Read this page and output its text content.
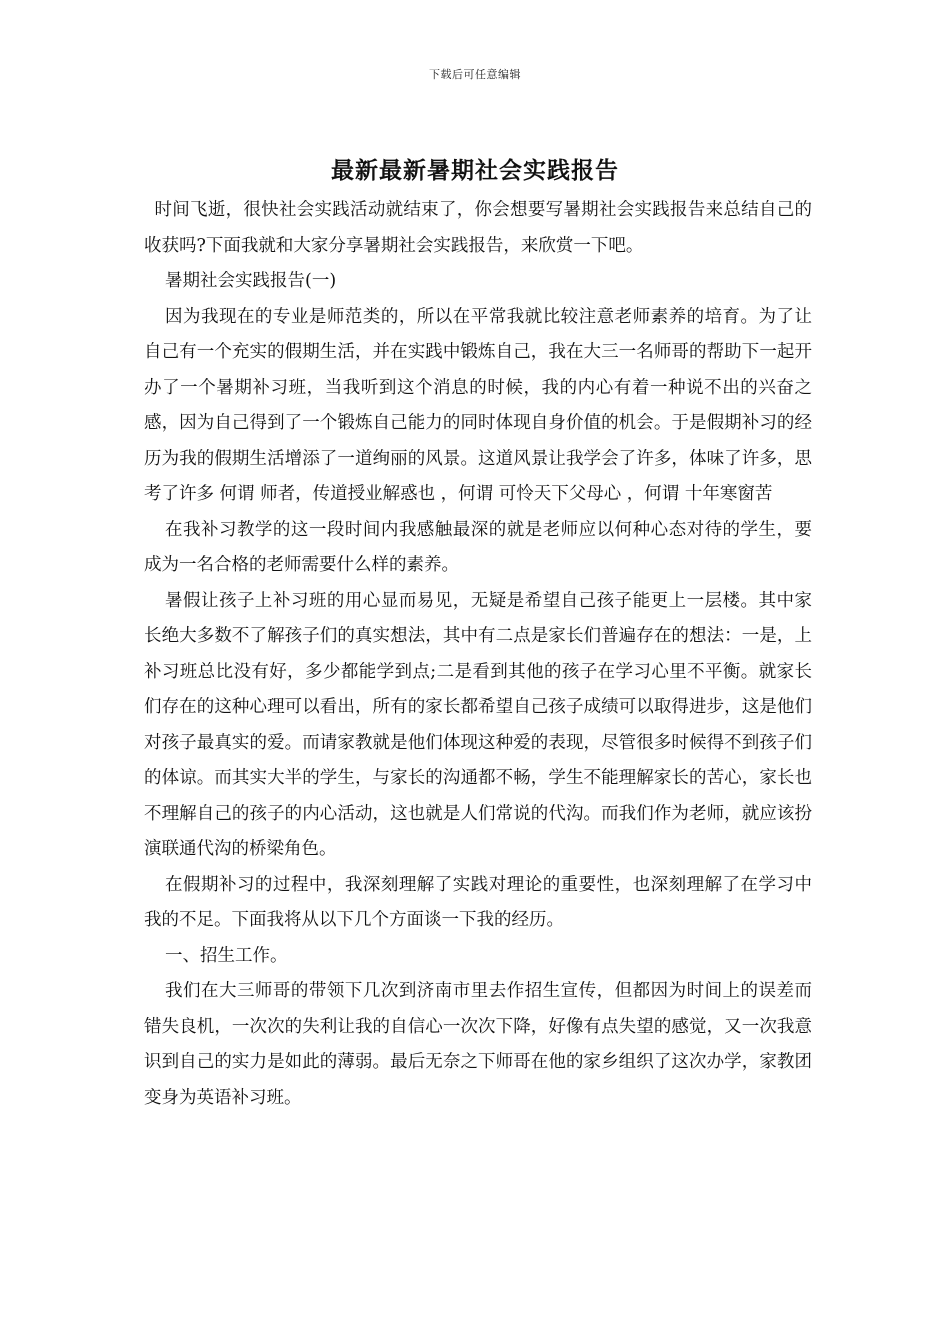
下载后可任意编辑
最新最新暑期社会实践报告

时间飞逝，很快社会实践活动就结束了，你会想要写暑期社会实践报告来总结自己的收获吗?下面我就和大家分享暑期社会实践报告，来欣赏一下吧。

暑期社会实践报告(一)

因为我现在的专业是师范类的，所以在平常我就比较注意老师素养的培育。为了让自己有一个充实的假期生活，并在实践中锻炼自己，我在大三一名师哥的帮助下一起开办了一个暑期补习班，当我听到这个消息的时候，我的内心有着一种说不出的兴奋之感，因为自己得到了一个锻炼自己能力的同时体现自身价值的机会。于是假期补习的经历为我的假期生活增添了一道绚丽的风景。这道风景让我学会了许多，体味了许多，思考了许多 何谓 师者，传道授业解惑也 ，何谓 可怜天下父母心 ，何谓 十年寒窗苦

在我补习教学的这一段时间内我感触最深的就是老师应以何种心态对待的学生，要成为一名合格的老师需要什么样的素养。

暑假让孩子上补习班的用心显而易见，无疑是希望自己孩子能更上一层楼。其中家长绝大多数不了解孩子们的真实想法，其中有二点是家长们普遍存在的想法：一是，上补习班总比没有好，多少都能学到点;二是看到其他的孩子在学习心里不平衡。就家长们存在的这种心理可以看出，所有的家长都希望自己孩子成绩可以取得进步，这是他们对孩子最真实的爱。而请家教就是他们体现这种爱的表现，尽管很多时候得不到孩子们的体谅。而其实大半的学生，与家长的沟通都不畅，学生不能理解家长的苦心，家长也不理解自己的孩子的内心活动，这也就是人们常说的代沟。而我们作为老师，就应该扮演联通代沟的桥梁角色。

在假期补习的过程中，我深刻理解了实践对理论的重要性，也深刻理解了在学习中我的不足。下面我将从以下几个方面谈一下我的经历。

一、招生工作。

我们在大三师哥的带领下几次到济南市里去作招生宣传，但都因为时间上的误差而错失良机，一次次的失利让我的自信心一次次下降，好像有点失望的感觉，又一次我意识到自己的实力是如此的薄弱。最后无奈之下师哥在他的家乡组织了这次办学，家教团变身为英语补习班。
